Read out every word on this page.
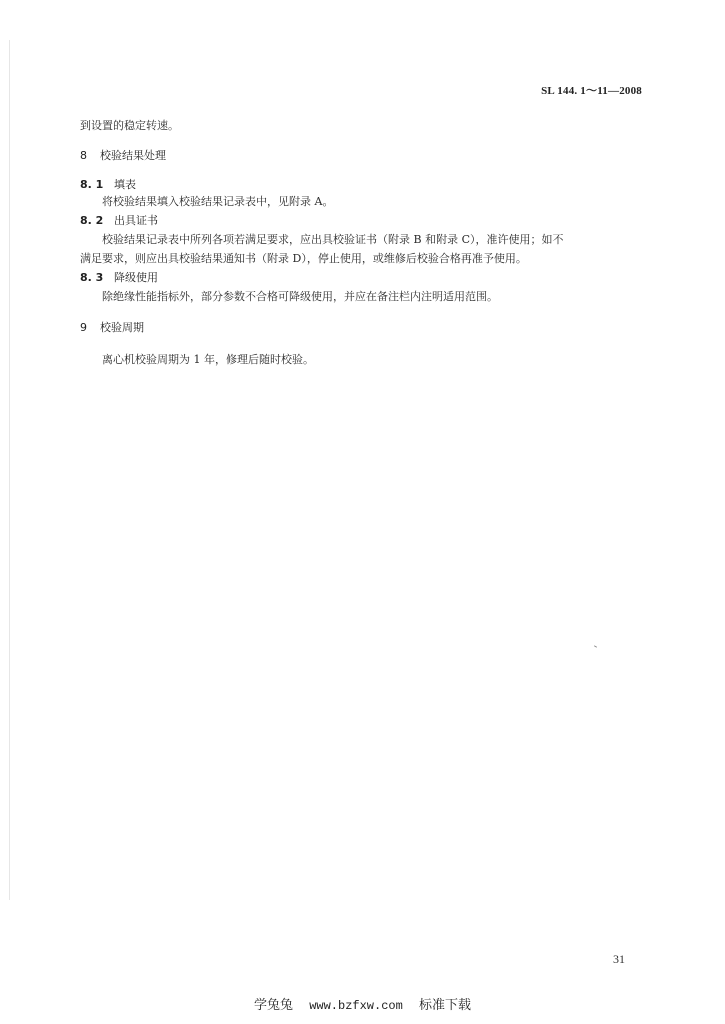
SL 144. 1～11—2008
到设置的稳定转速。
8 校验结果处理
8. 1 填表
将校验结果填入校验结果记录表中，见附录 A。
8. 2 出具证书
校验结果记录表中所列各项若满足要求，应出具校验证书（附录 B 和附录 C），准许使用；如不
满足要求，则应出具校验结果通知书（附录 D），停止使用，或维修后校验合格再准予使用。
8. 3 降级使用
除绝缘性能指标外，部分参数不合格可降级使用，并应在备注栏内注明适用范围。
9 校验周期
离心机校验周期为 1 年，修理后随时校验。
31
学兔兔 www.bzfxw.com 标准下载
